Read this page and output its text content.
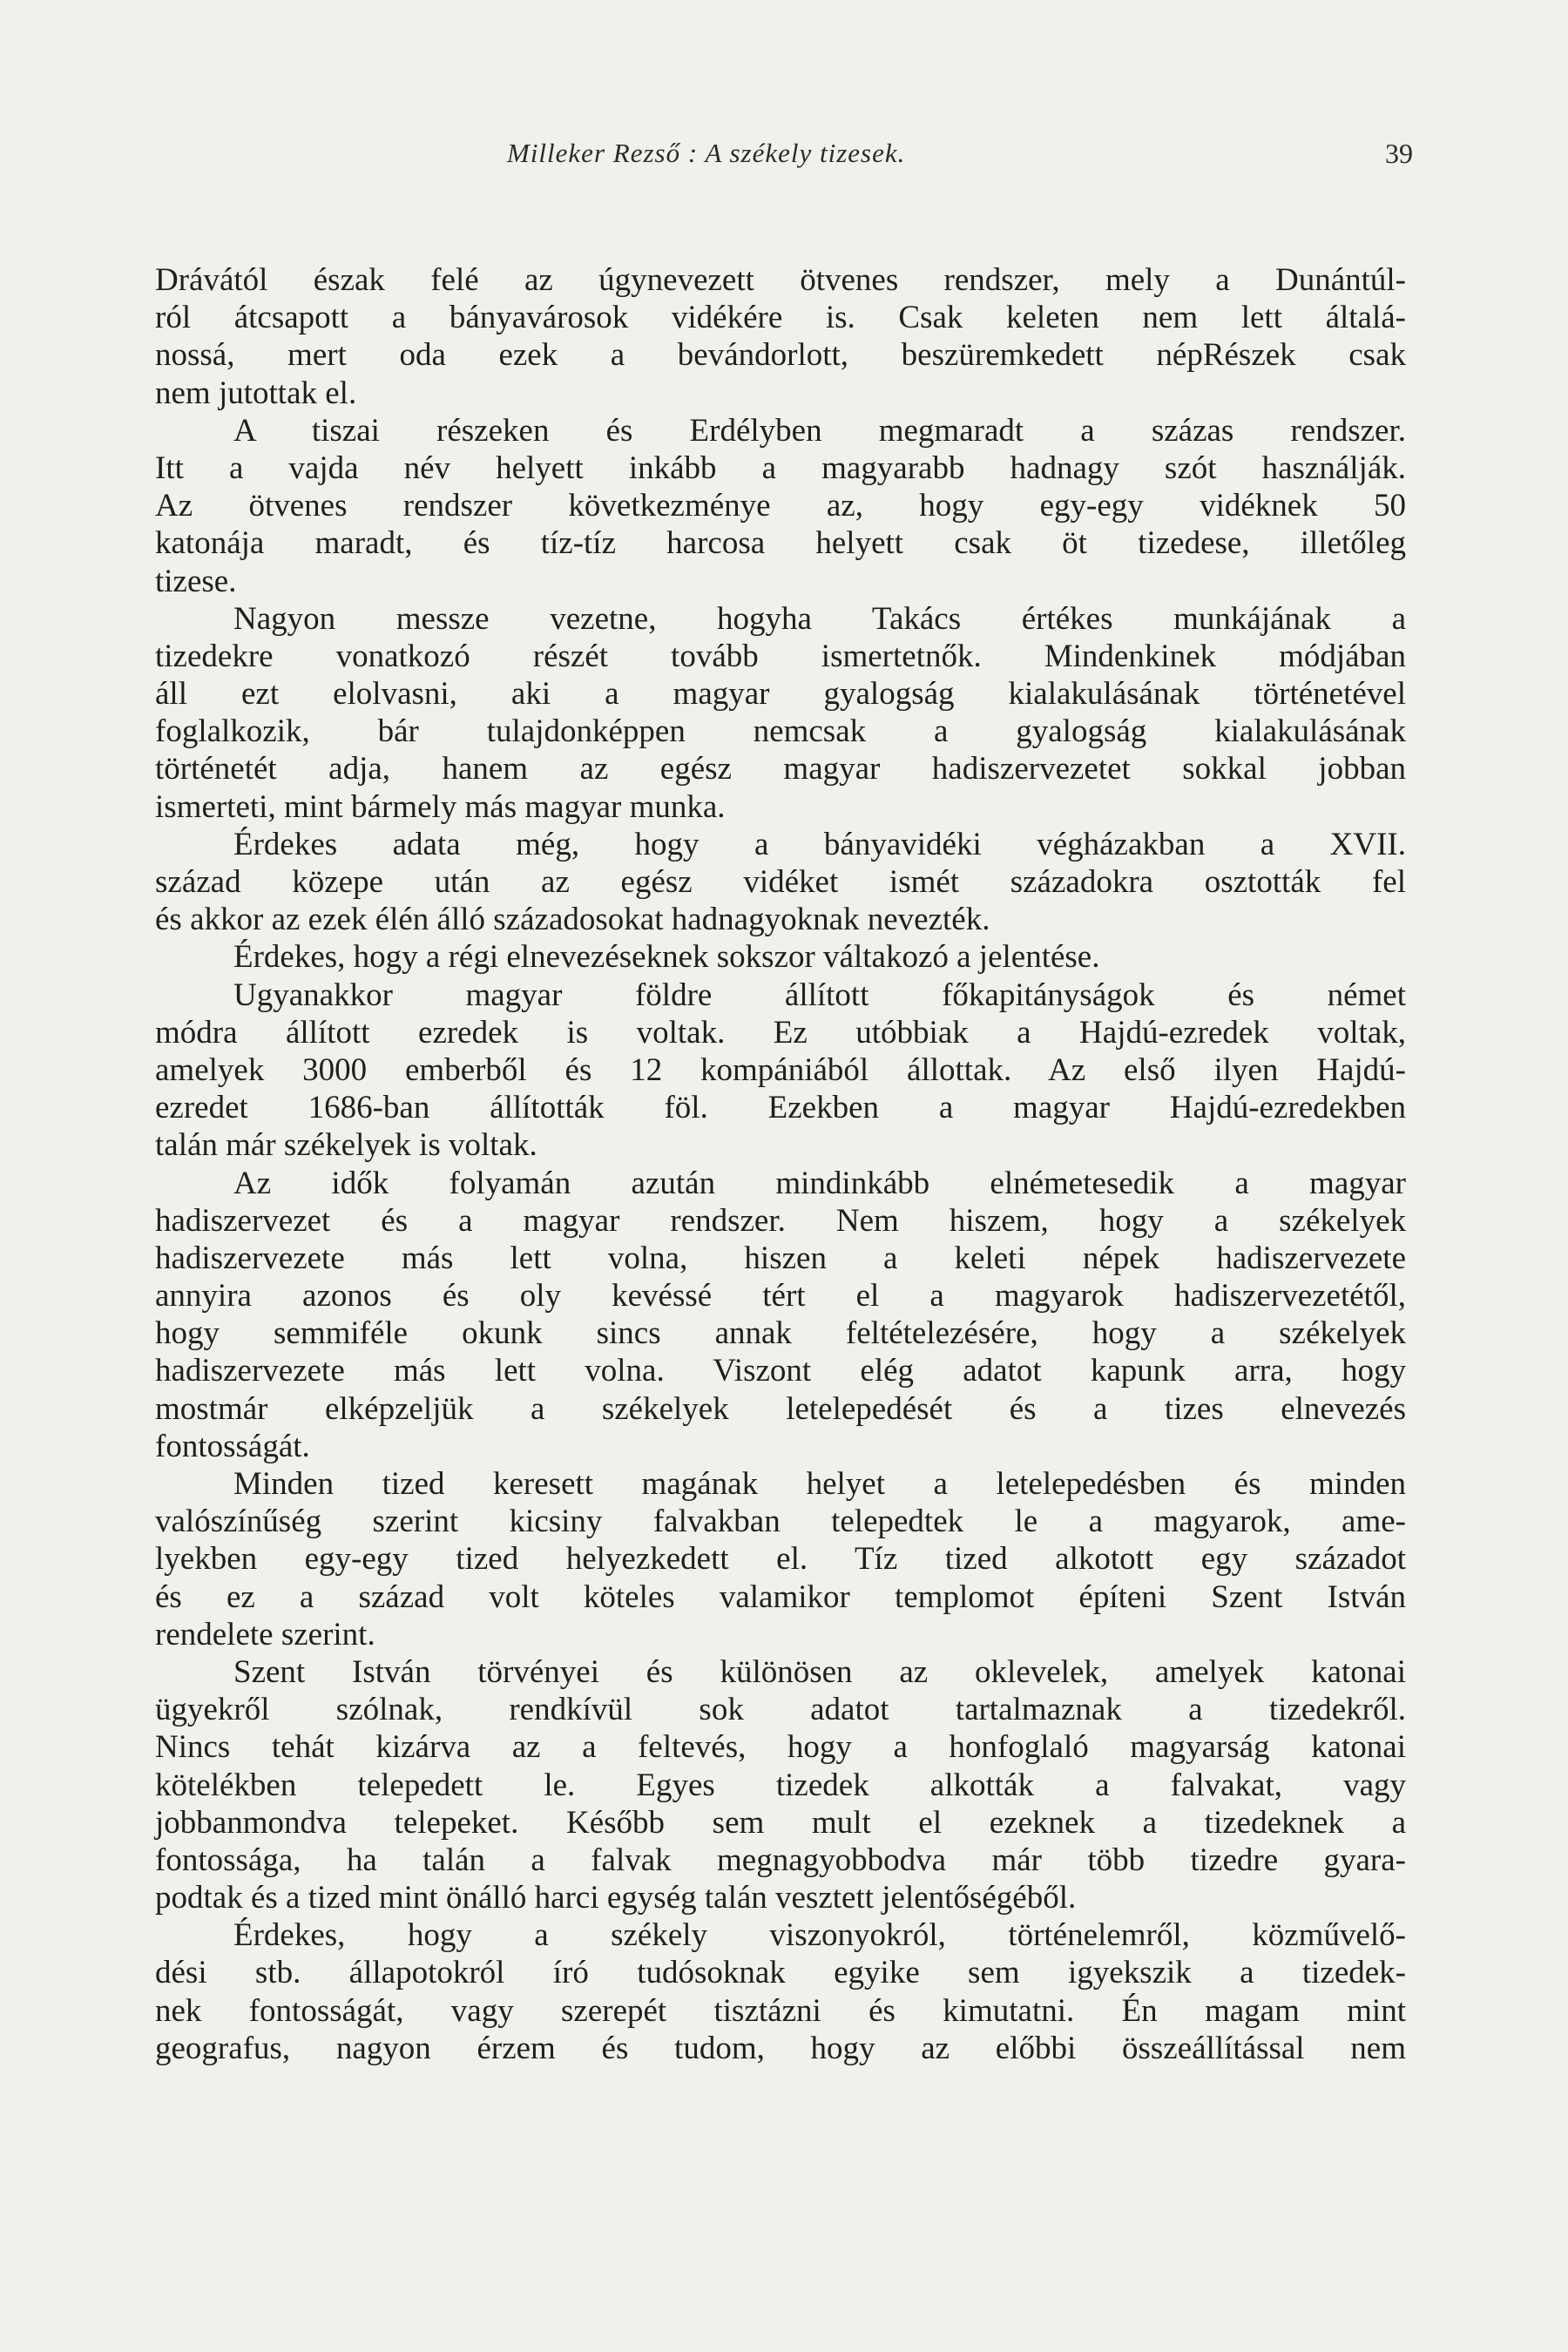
Milleker Rezső : A székely tizesek.	39
Drávától észak felé az úgynevezett ötvenes rendszer, mely a Dunántúl-
ról átcsapott a bányavárosok vidékére is. Csak keleten nem lett általá-
nossá, mert oda ezek a bevándorlott, beszüremkedett népRészek csak
nem jutottak el.
A tiszai részeken és Erdélyben megmaradt a százas rendszer.
Itt a vajda név helyett inkább a magyarabb hadnagy szót használják.
Az ötvenes rendszer következménye az, hogy egy-egy vidéknek 50
katonája maradt, és tíz-tíz harcosa helyett csak öt tizedese, illetőleg
tizese.
Nagyon messze vezetne, hogyha Takács értékes munkájának a
tizedekre vonatkozó részét tovább ismertetnők. Mindenkinek módjában
áll ezt elolvasni, aki a magyar gyalogság kialakulásának történetével
foglalkozik, bár tulajdonképpen nemcsak a gyalogság kialakulásának
történetét adja, hanem az egész magyar hadiszervezetet sokkal jobban
ismerteti, mint bármely más magyar munka.
Érdekes adata még, hogy a bányavidéki végházakban a XVII.
század közepe után az egész vidéket ismét századokra osztották fel
és akkor az ezek élén álló századosokat hadnagyoknak nevezték.
Érdekes, hogy a régi elnevezéseknek sokszor váltakozó a jelentése.
Ugyanakkor magyar földre állított főkapitányságok és német
módra állított ezredek is voltak. Ez utóbbiak a Hajdú-ezredek voltak,
amelyek 3000 emberből és 12 kompániából állottak. Az első ilyen Hajdú-
ezredet 1686-ban állították föl. Ezekben a magyar Hajdú-ezredekben
talán már székelyek is voltak.
Az idők folyamán azután mindinkább elnémetesedik a magyar
hadiszervezet és a magyar rendszer. Nem hiszem, hogy a székelyek
hadiszervezete más lett volna, hiszen a keleti népek hadiszervezete
annyira azonos és oly kevéssé tért el a magyarok hadiszervezetétől,
hogy semmiféle okunk sincs annak feltételezésére, hogy a székelyek
hadiszervezete más lett volna. Viszont elég adatot kapunk arra, hogy
mostmár elképzeljük a székelyek letelepedését és a tizes elnevezés
fontosságát.
Minden tized keresett magának helyet a letelepedésben és minden
valószínűség szerint kicsiny falvakban telepedtek le a magyarok, ame-
lyekben egy-egy tized helyezkedett el. Tíz tized alkotott egy századot
és ez a század volt köteles valamikor templomot építeni Szent István
rendelete szerint.
Szent István törvényei és különösen az oklevelek, amelyek katonai
ügyekről szólnak, rendkívül sok adatot tartalmaznak a tizedekről.
Nincs tehát kizárva az a feltevés, hogy a honfoglaló magyarság katonai
kötelékben telepedett le. Egyes tizedek alkották a falvakat, vagy
jobbanmondva telepeket. Később sem mult el ezeknek a tizedeknek a
fontossága, ha talán a falvak megnagyobbodva már több tizedre gyara-
podtak és a tized mint önálló harci egység talán vesztett jelentőségéből.
Érdekes, hogy a székely viszonyokról, történelemről, közművelő-
dési stb. állapotokról író tudósoknak egyike sem igyekszik a tizedek-
nek fontosságát, vagy szerepét tisztázni és kimutatni. Én magam mint
geografus, nagyon érzem és tudom, hogy az előbbi összeállítással nem
